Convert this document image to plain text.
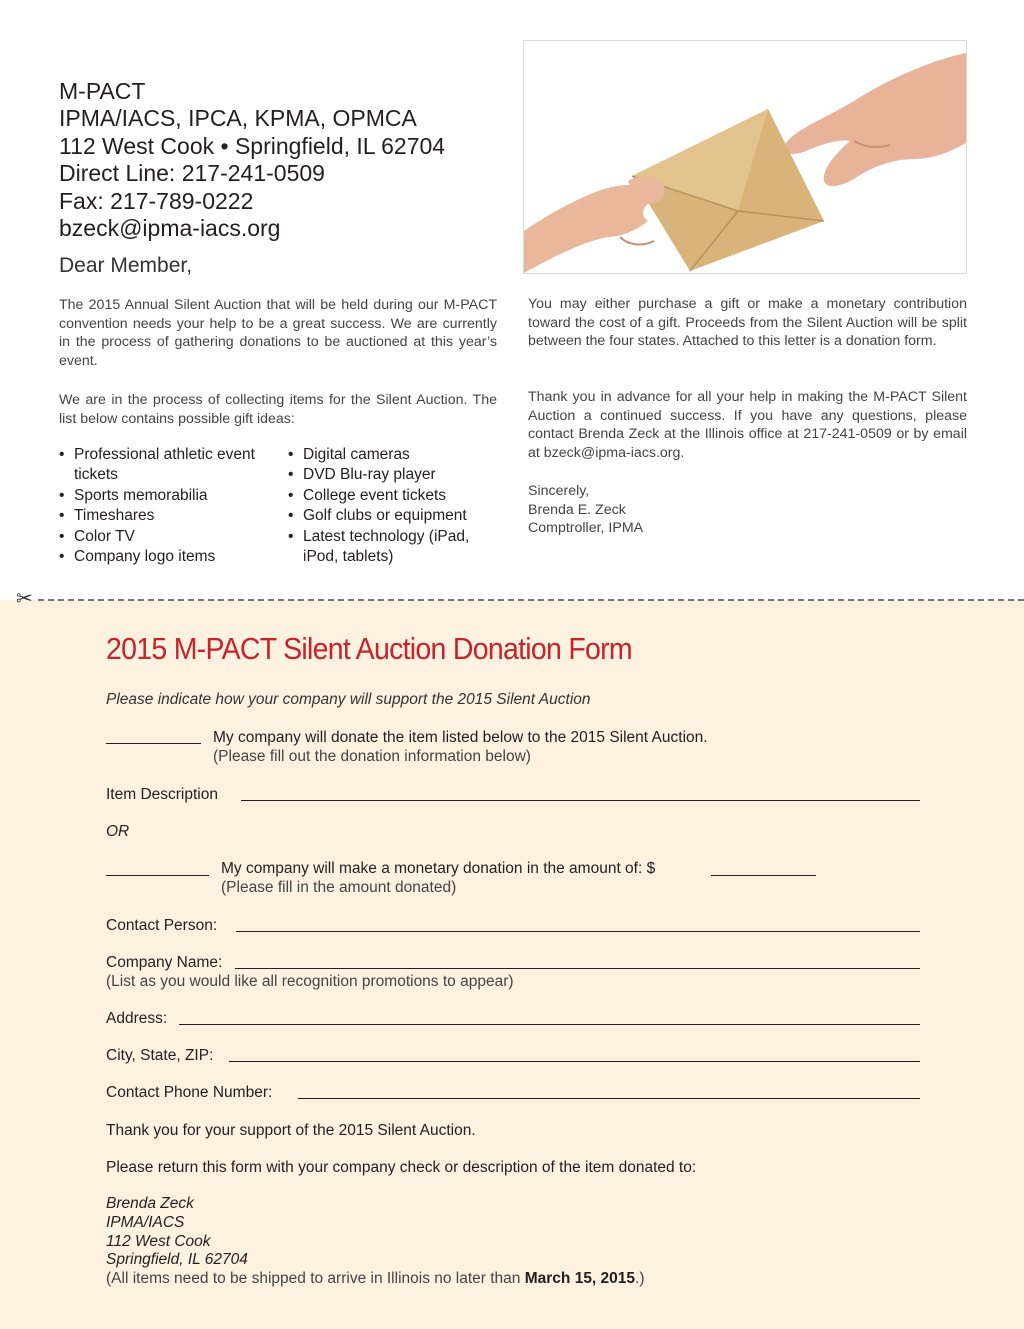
M-PACT
IPMA/IACS, IPCA, KPMA, OPMCA
112 West Cook • Springfield, IL 62704
Direct Line: 217-241-0509
Fax: 217-789-0222
bzeck@ipma-iacs.org
Dear Member,
The 2015 Annual Silent Auction that will be held during our M-PACT convention needs your help to be a great success. We are currently in the process of gathering donations to be auctioned at this year’s event.
We are in the process of collecting items for the Silent Auction. The list below contains possible gift ideas:
• Professional athletic event tickets
• Sports memorabilia
• Timeshares
• Color TV
• Company logo items
• Digital cameras
• DVD Blu-ray player
• College event tickets
• Golf clubs or equipment
• Latest technology (iPad, iPod, tablets)
You may either purchase a gift or make a monetary contribution toward the cost of a gift. Proceeds from the Silent Auction will be split between the four states. Attached to this letter is a donation form.
Thank you in advance for all your help in making the M-PACT Silent Auction a continued success. If you have any questions, please contact Brenda Zeck at the Illinois office at 217-241-0509 or by email at bzeck@ipma-iacs.org.
Sincerely,
Brenda E. Zeck
Comptroller, IPMA
✂
2015 M-PACT Silent Auction Donation Form
Please indicate how your company will support the 2015 Silent Auction
My company will donate the item listed below to the 2015 Silent Auction.
(Please fill out the donation information below)
Item Description
OR
My company will make a monetary donation in the amount of: $
(Please fill in the amount donated)
Contact Person:
Company Name:
(List as you would like all recognition promotions to appear)
Address:
City, State, ZIP:
Contact Phone Number:
Thank you for your support of the 2015 Silent Auction.
Please return this form with your company check or description of the item donated to:
Brenda Zeck
IPMA/IACS
112 West Cook
Springfield, IL 62704
(All items need to be shipped to arrive in Illinois no later than March 15, 2015.)
